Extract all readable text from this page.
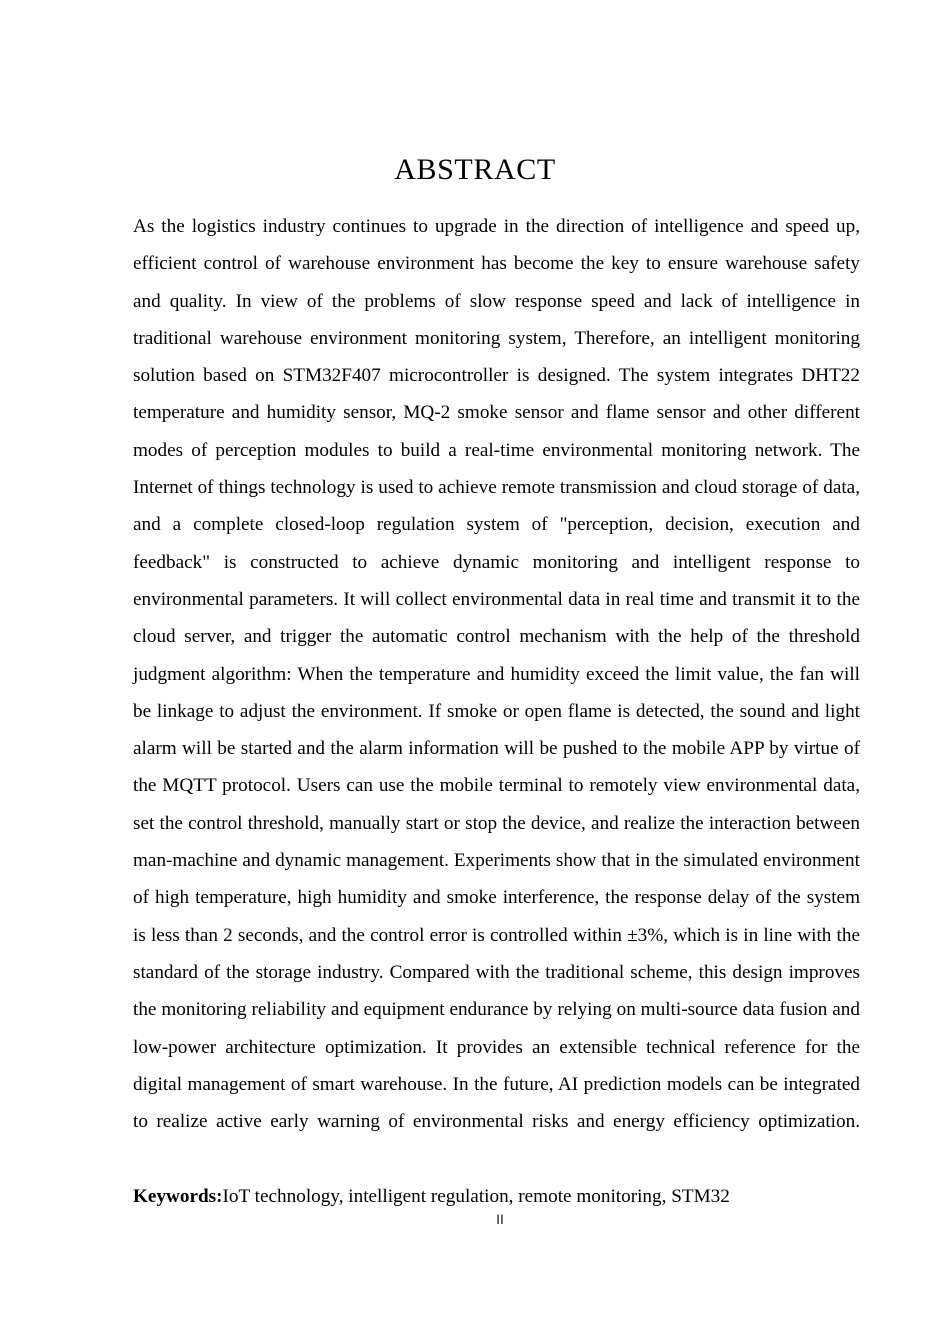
ABSTRACT

As the logistics industry continues to upgrade in the direction of intelligence and speed up, efficient control of warehouse environment has become the key to ensure warehouse safety and quality. In view of the problems of slow response speed and lack of intelligence in traditional warehouse environment monitoring system, Therefore, an intelligent monitoring solution based on STM32F407 microcontroller is designed. The system integrates DHT22 temperature and humidity sensor, MQ-2 smoke sensor and flame sensor and other different modes of perception modules to build a real-time environmental monitoring network. The Internet of things technology is used to achieve remote transmission and cloud storage of data, and a complete closed-loop regulation system of "perception, decision, execution and feedback" is constructed to achieve dynamic monitoring and intelligent response to environmental parameters. It will collect environmental data in real time and transmit it to the cloud server, and trigger the automatic control mechanism with the help of the threshold judgment algorithm: When the temperature and humidity exceed the limit value, the fan will be linkage to adjust the environment. If smoke or open flame is detected, the sound and light alarm will be started and the alarm information will be pushed to the mobile APP by virtue of the MQTT protocol. Users can use the mobile terminal to remotely view environmental data, set the control threshold, manually start or stop the device, and realize the interaction between man-machine and dynamic management. Experiments show that in the simulated environment of high temperature, high humidity and smoke interference, the response delay of the system is less than 2 seconds, and the control error is controlled within ±3%, which is in line with the standard of the storage industry. Compared with the traditional scheme, this design improves the monitoring reliability and equipment endurance by relying on multi-source data fusion and low-power architecture optimization. It provides an extensible technical reference for the digital management of smart warehouse. In the future, AI prediction models can be integrated to realize active early warning of environmental risks and energy efficiency optimization.

Keywords:IoT technology, intelligent regulation, remote monitoring, STM32

II
